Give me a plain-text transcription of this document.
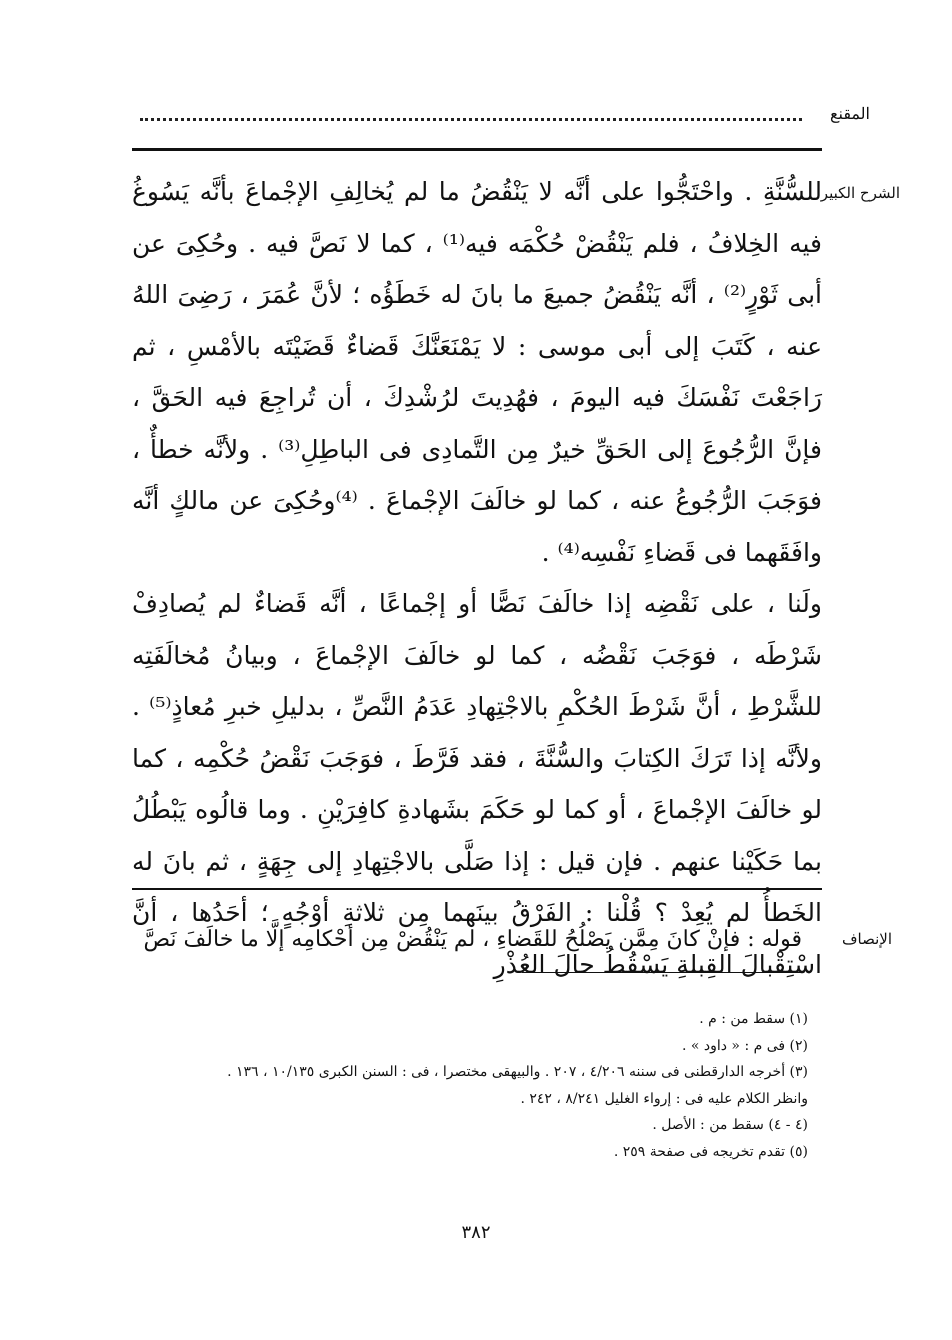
المقنع
الشرح الكبير

للسُّنَّةِ . واحْتَجُّوا على أنَّه لا يَنْقُضُ ما لم يُخالِفِ الإجْماعَ بأنَّه يَسُوغُ فيه الخِلافُ ، فلم يَنْقُضْ حُكْمَه فيه⁽¹⁾ ، كما لا نَصَّ فيه . وحُكِىَ عن أبى ثَوْرٍ⁽²⁾ ، أنَّه يَنْقُضُ جميعَ ما بانَ له خَطَؤُه ؛ لأنَّ عُمَرَ ، رَضِىَ اللهُ عنه ، كَتَبَ إلى أبى موسى : لا يَمْنَعَنَّكَ قَضاءٌ قَضَيْتَه بالأمْسِ ، ثم رَاجَعْتَ نَفْسَكَ فيه اليومَ ، فهُدِيتَ لرُشْدِكَ ، أن تُراجِعَ فيه الحَقَّ ، فإنَّ الرُّجُوعَ إلى الحَقِّ خيرٌ مِن التَّمادِى فى الباطِلِ⁽³⁾ . ولأنَّه خطأٌ ، فوَجَبَ الرُّجُوعُ عنه ، كما لو خالَفَ الإجْماعَ . ⁽⁴⁾وحُكِىَ عن مالكٍ أنَّه وافَقَهما فى قَضاءِ نَفْسِه⁽⁴⁾ .

ولَنا ، على نَقْضِه إذا خالَفَ نَصًّا أو إجْماعًا ، أنَّه قَضاءٌ لم يُصادِفْ شَرْطَه ، فوَجَبَ نَقْضُه ، كما لو خالَفَ الإجْماعَ ، وبيانُ مُخالَفَتِه للشَّرْطِ ، أنَّ شَرْطَ الحُكْمِ بالاجْتِهادِ عَدَمُ النَّصِّ ، بدليلِ خبرِ مُعاذٍ⁽⁵⁾ . ولأنَّه إذا تَرَكَ الكِتابَ والسُّنَّةَ ، فقد فَرَّطَ ، فوَجَبَ نَقْضُ حُكْمِه ، كما لو خالَفَ الإجْماعَ ، أو كما لو حَكَمَ بشَهادةِ كافِرَيْنِ . وما قالُوه يَبْطُلُ بما حَكَيْنا عنهم . فإن قيل : إذا صَلَّى بالاجْتِهادِ إلى جِهَةٍ ، ثم بانَ له الخَطأُ لم يُعِدْ ؟ قُلْنا : الفَرْقُ بينَهما مِن ثلاثةِ أوْجُهٍ ؛ أحَدُها ، أنَّ اسْتِقْبالَ القِبلةِ يَسْقُطُ حالَ العُذْرِ

الإنصاف

قوله : فإنْ كانَ مِمَّن يَصْلُحُ للقَضاءِ ، لم يَنْقُضْ مِن أحْكامِه إلَّا ما خالَفَ نَصَّ

(١) سقط من : م .
(٢) فى م : « داود » .
(٣) أخرجه الدارقطنى فى سننه ٤/٢٠٦ ، ٢٠٧ . والبيهقى مختصرا ، فى : السنن الكبرى ١٠/١٣٥ ، ١٣٦ .
وانظر الكلام عليه فى : إرواء الغليل ٨/٢٤١ ، ٢٤٢ .
(٤ - ٤) سقط من : الأصل .
(٥) تقدم تخريجه فى صفحة ٢٥٩ .
٣٨٢
